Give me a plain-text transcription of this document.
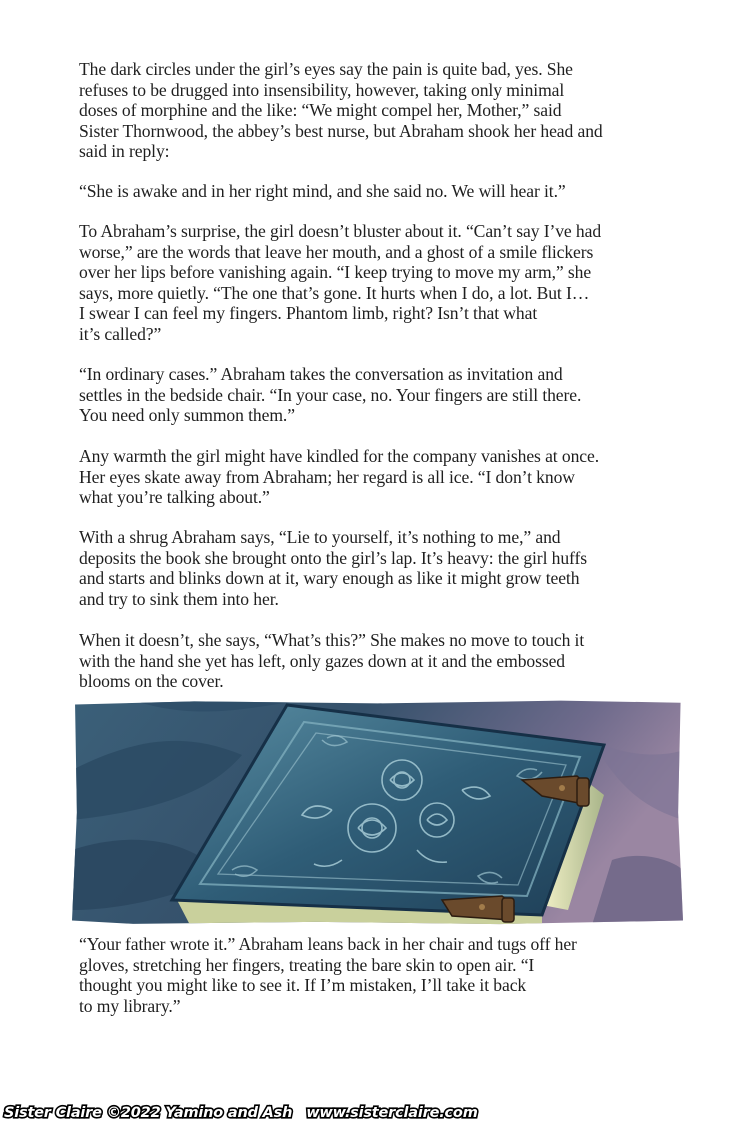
The dark circles under the girl’s eyes say the pain is quite bad, yes. She
refuses to be drugged into insensibility, however, taking only minimal
doses of morphine and the like: “We might compel her, Mother,” said
Sister Thornwood, the abbey’s best nurse, but Abraham shook her head and
said in reply:

“She is awake and in her right mind, and she said no. We will hear it.”

To Abraham’s surprise, the girl doesn’t bluster about it. “Can’t say I’ve had
worse,” are the words that leave her mouth, and a ghost of a smile flickers
over her lips before vanishing again. “I keep trying to move my arm,” she
says, more quietly. “The one that’s gone. It hurts when I do, a lot. But I…
I swear I can feel my fingers. Phantom limb, right? Isn’t that what
it’s called?”

“In ordinary cases.” Abraham takes the conversation as invitation and
settles in the bedside chair. “In your case, no. Your fingers are still there.
You need only summon them.”

Any warmth the girl might have kindled for the company vanishes at once.
Her eyes skate away from Abraham; her regard is all ice. “I don’t know
what you’re talking about.”

With a shrug Abraham says, “Lie to yourself, it’s nothing to me,” and
deposits the book she brought onto the girl’s lap. It’s heavy: the girl huffs
and starts and blinks down at it, wary enough as like it might grow teeth
and try to sink them into her.

When it doesn’t, she says, “What’s this?” She makes no move to touch it
with the hand she yet has left, only gazes down at it and the embossed
blooms on the cover.

“Your father wrote it.” Abraham leans back in her chair and tugs off her
gloves, stretching her fingers, treating the bare skin to open air. “I
thought you might like to see it. If I’m mistaken, I’ll take it back
to my library.”

Sister Claire ©2022 Yamino and Ash www.sisterclaire.com
